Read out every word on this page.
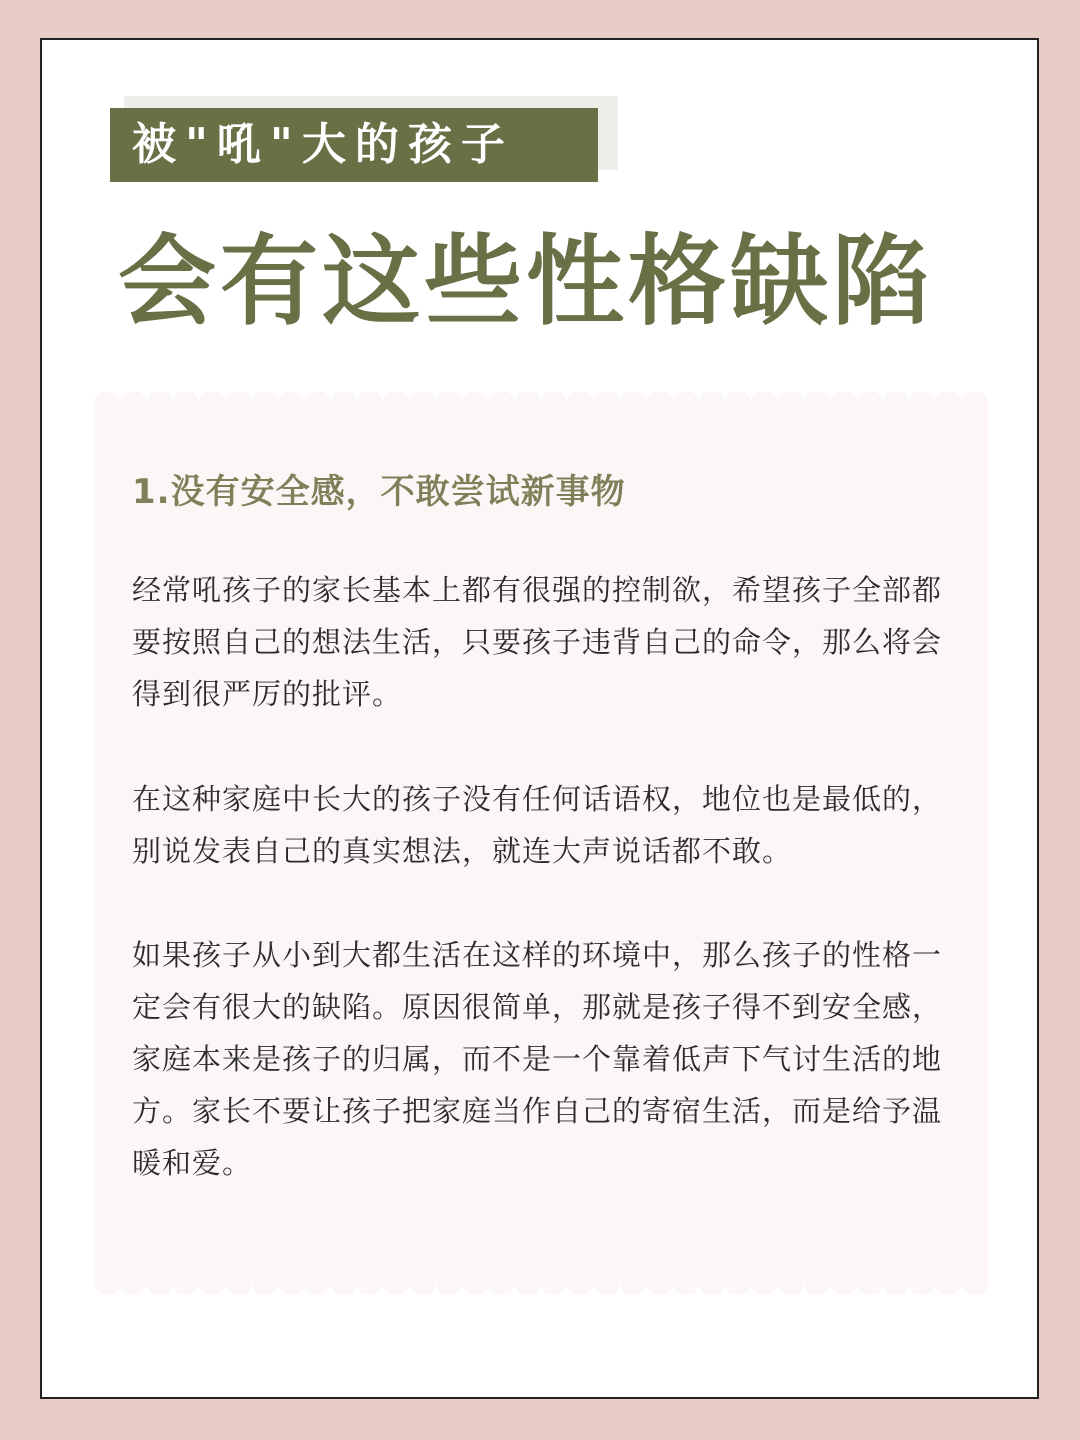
被"吼"大的孩子
会有这些性格缺陷
1.没有安全感，不敢尝试新事物

经常吼孩子的家长基本上都有很强的控制欲，希望孩子全部都要按照自己的想法生活，只要孩子违背自己的命令，那么将会得到很严厉的批评。

在这种家庭中长大的孩子没有任何话语权，地位也是最低的，别说发表自己的真实想法，就连大声说话都不敢。

如果孩子从小到大都生活在这样的环境中，那么孩子的性格一定会有很大的缺陷。原因很简单，那就是孩子得不到安全感，家庭本来是孩子的归属，而不是一个靠着低声下气讨生活的地方。家长不要让孩子把家庭当作自己的寄宿生活，而是给予温暖和爱。
